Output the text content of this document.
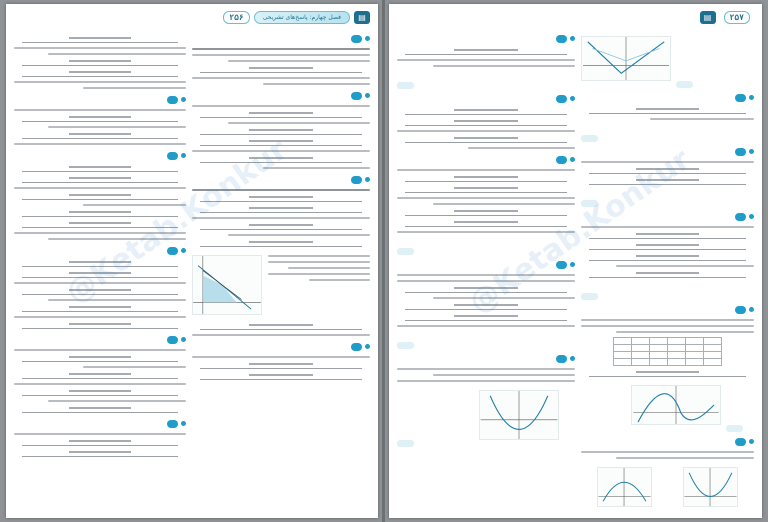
۲۵۶	فصل چهارم: پاسخ‌های تشریحی	▤

@Ketab.Konkur
▤	۲۵۷

@Ketab.Konkur
